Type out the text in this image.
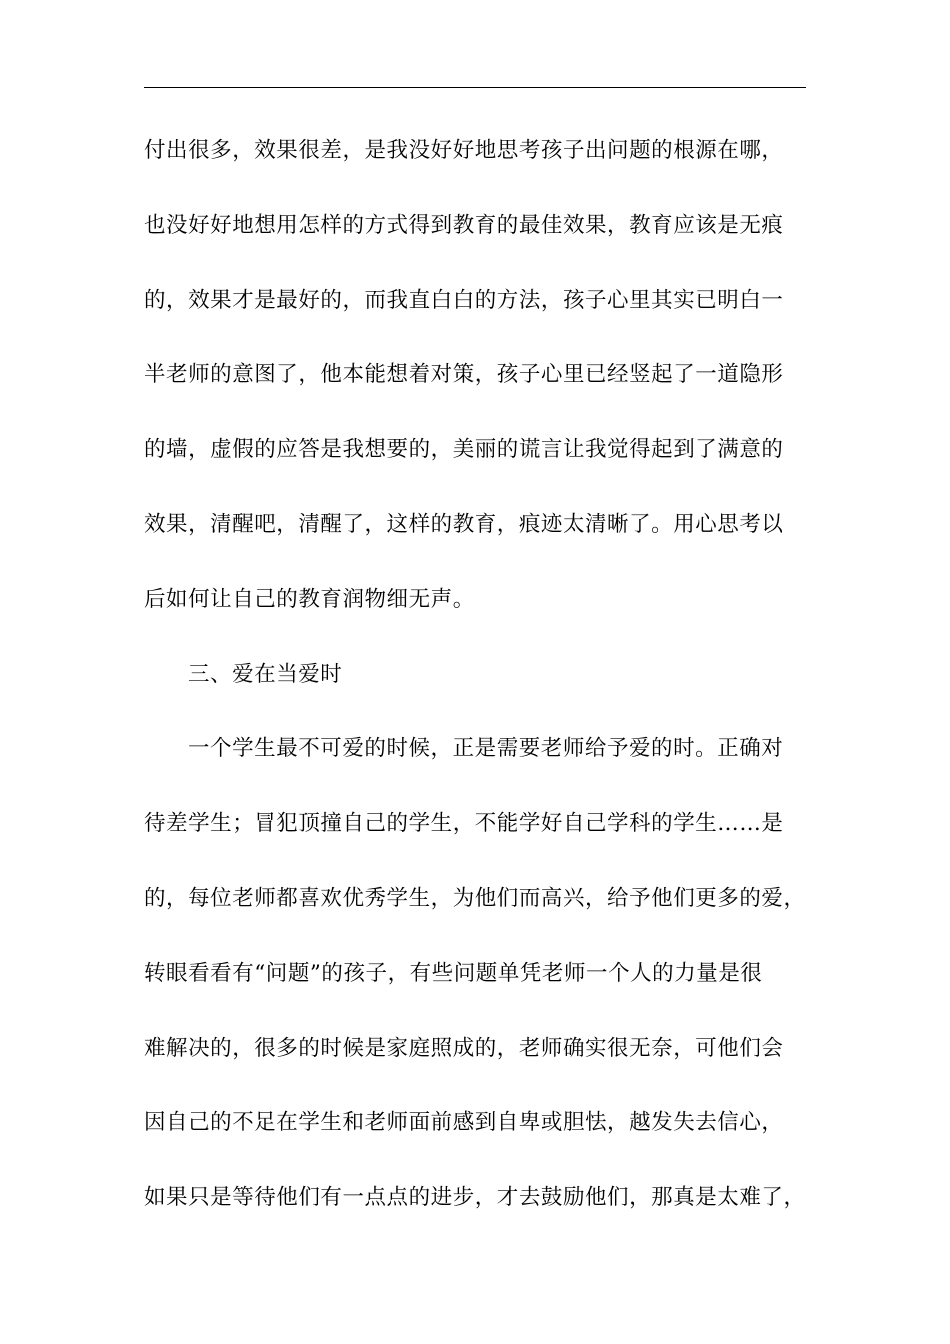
付出很多，效果很差，是我没好好地思考孩子出问题的根源在哪，
也没好好地想用怎样的方式得到教育的最佳效果，教育应该是无痕
的，效果才是最好的，而我直白白的方法，孩子心里其实已明白一
半老师的意图了，他本能想着对策，孩子心里已经竖起了一道隐形
的墙，虚假的应答是我想要的，美丽的谎言让我觉得起到了满意的
效果，清醒吧，清醒了，这样的教育，痕迹太清晰了。用心思考以
后如何让自己的教育润物细无声。
三、爱在当爱时
一个学生最不可爱的时候，正是需要老师给予爱的时。正确对
待差学生；冒犯顶撞自己的学生，不能学好自己学科的学生……是
的，每位老师都喜欢优秀学生，为他们而高兴，给予他们更多的爱，
转眼看看有“问题”的孩子，有些问题单凭老师一个人的力量是很
难解决的，很多的时候是家庭照成的，老师确实很无奈，可他们会
因自己的不足在学生和老师面前感到自卑或胆怯，越发失去信心，
如果只是等待他们有一点点的进步，才去鼓励他们，那真是太难了，
